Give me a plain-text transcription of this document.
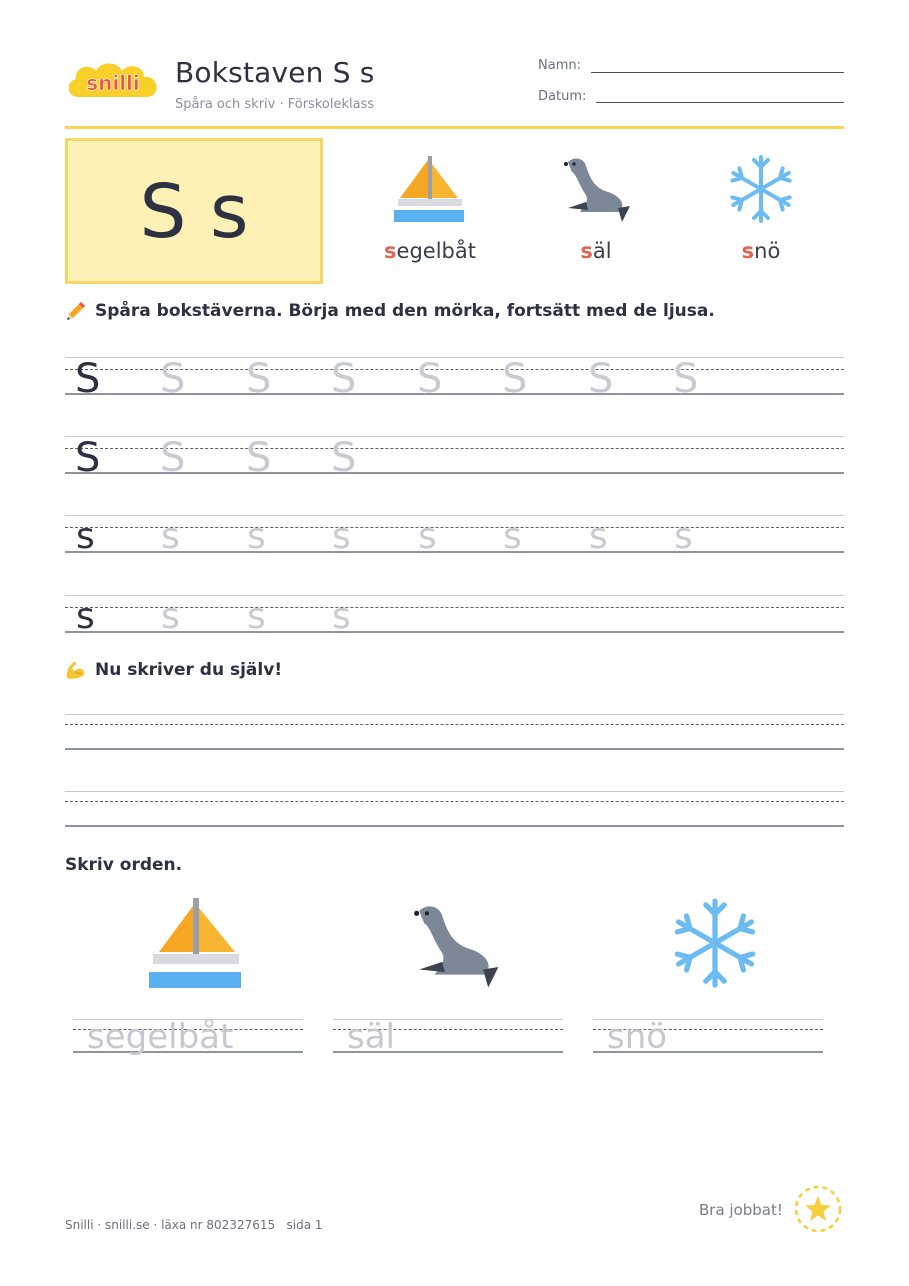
snilli Bokstaven S s
Spåra och skriv · Förskoleklass
Namn:
Datum:
S s	segelbåt	säl	snö
Spåra bokstäverna. Börja med den mörka, fortsätt med de ljusa.
S S S S S S S S
S S S S
s s s s s s s s
s s s s
Nu skriver du själv!
Skriv orden.
segelbåt	säl	snö
Snilli · snilli.se · läxa nr 802327615   sida 1
Bra jobbat!
